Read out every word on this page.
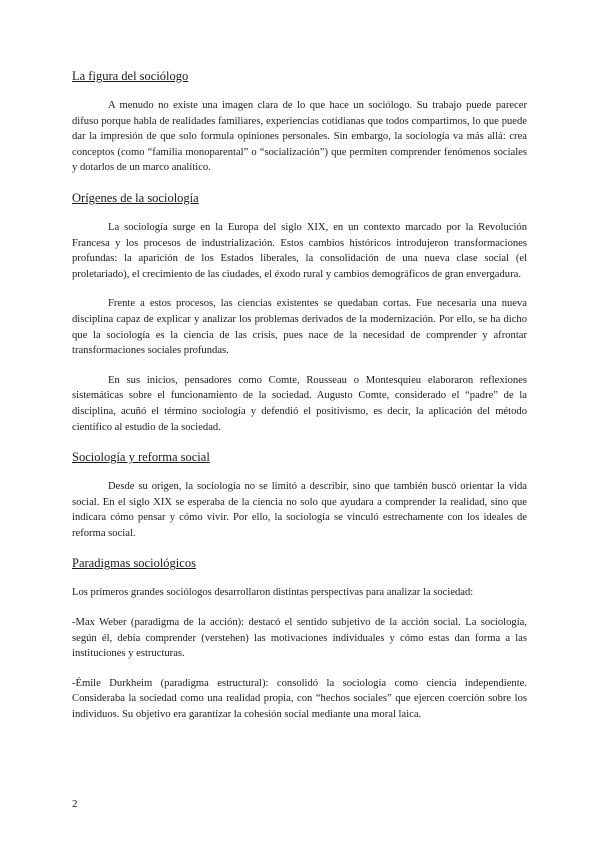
La figura del sociólogo

A menudo no existe una imagen clara de lo que hace un sociólogo. Su trabajo puede parecer difuso porque habla de realidades familiares, experiencias cotidianas que todos compartimos, lo que puede dar la impresión de que solo formula opiniones personales. Sin embargo, la sociología va más allá: crea conceptos (como “familia monoparental” o “socialización”) que permiten comprender fenómenos sociales y dotarlos de un marco analítico.

Orígenes de la sociología

La sociología surge en la Europa del siglo XIX, en un contexto marcado por la Revolución Francesa y los procesos de industrialización. Estos cambios históricos introdujeron transformaciones profundas: la aparición de los Estados liberales, la consolidación de una nueva clase social (el proletariado), el crecimiento de las ciudades, el éxodo rural y cambios demográficos de gran envergadura.

Frente a estos procesos, las ciencias existentes se quedaban cortas. Fue necesaria una nueva disciplina capaz de explicar y analizar los problemas derivados de la modernización. Por ello, se ha dicho que la sociología es la ciencia de las crisis, pues nace de la necesidad de comprender y afrontar transformaciones sociales profundas.

En sus inicios, pensadores como Comte, Rousseau o Montesquieu elaboraron reflexiones sistemáticas sobre el funcionamiento de la sociedad. Augusto Comte, considerado el “padre” de la disciplina, acuñó el término sociología y defendió el positivismo, es decir, la aplicación del método científico al estudio de la sociedad.

Sociología y reforma social

Desde su origen, la sociología no se limitó a describir, sino que también buscó orientar la vida social. En el siglo XIX se esperaba de la ciencia no solo que ayudara a comprender la realidad, sino que indicara cómo pensar y cómo vivir. Por ello, la sociología se vinculó estrechamente con los ideales de reforma social.

Paradigmas sociológicos

Los primeros grandes sociólogos desarrollaron distintas perspectivas para analizar la sociedad:

-Max Weber (paradigma de la acción): destacó el sentido subjetivo de la acción social. La sociología, según él, debía comprender (verstehen) las motivaciones individuales y cómo estas dan forma a las instituciones y estructuras.

-Émile Durkheim (paradigma estructural): consolidó la sociología como ciencia independiente. Consideraba la sociedad como una realidad propia, con “hechos sociales” que ejercen coerción sobre los individuos. Su objetivo era garantizar la cohesión social mediante una moral laica.

2
